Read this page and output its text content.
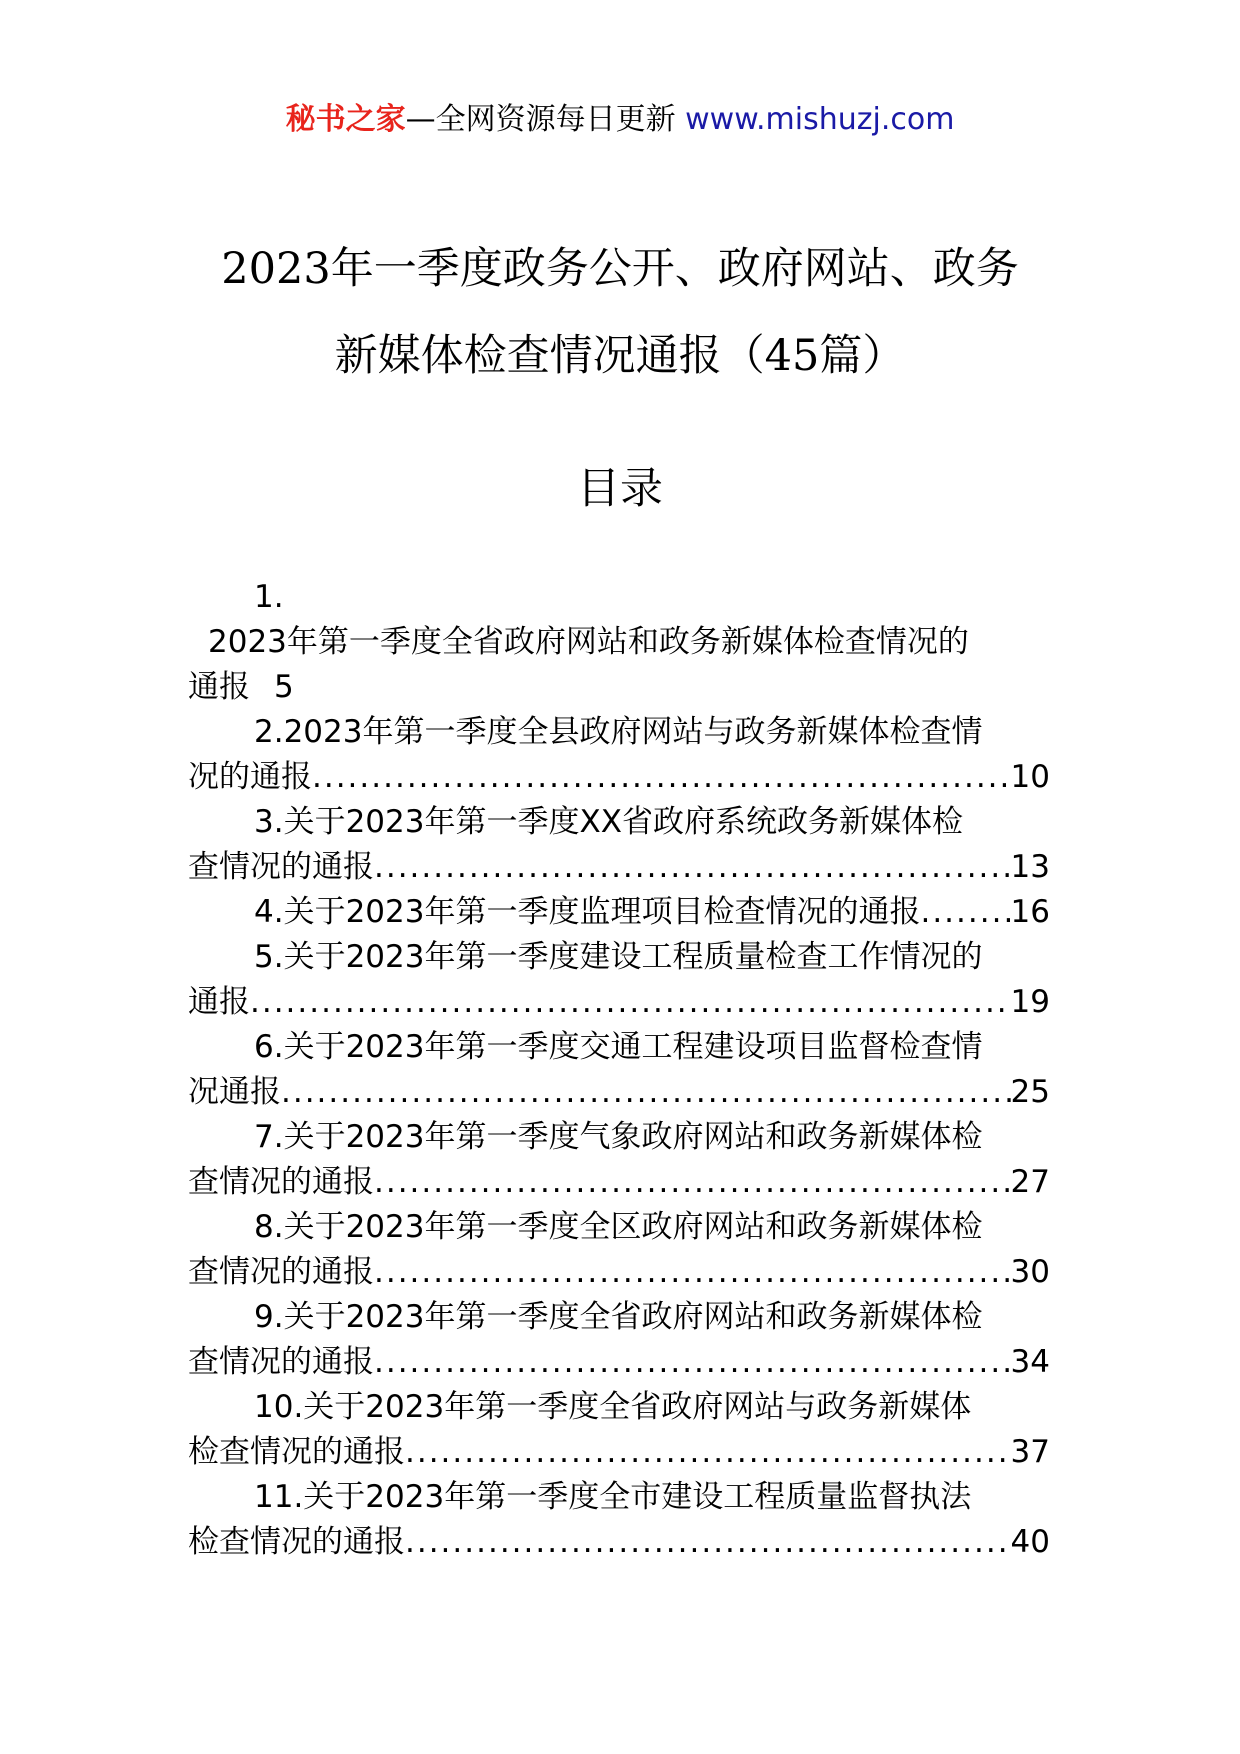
秘书之家—全网资源每日更新 www.mishuzj.com
2023年一季度政务公开、政府网站、政务
新媒体检查情况通报（45篇）
目录
1.
2023年第一季度全省政府网站和政务新媒体检查情况的
通报 5
2.2023年第一季度全县政府网站与政务新媒体检查情
况的通报 .....	10
3.关于2023年第一季度XX省政府系统政务新媒体检
查情况的通报 .....	13
4.关于2023年第一季度监理项目检查情况的通报 .....	16
5.关于2023年第一季度建设工程质量检查工作情况的
通报 .....	19
6.关于2023年第一季度交通工程建设项目监督检查情
况通报 .....	25
7.关于2023年第一季度气象政府网站和政务新媒体检
查情况的通报 .....	27
8.关于2023年第一季度全区政府网站和政务新媒体检
查情况的通报 .....	30
9.关于2023年第一季度全省政府网站和政务新媒体检
查情况的通报 .....	34
10.关于2023年第一季度全省政府网站与政务新媒体
检查情况的通报 .....	37
11.关于2023年第一季度全市建设工程质量监督执法
检查情况的通报 .....	40
